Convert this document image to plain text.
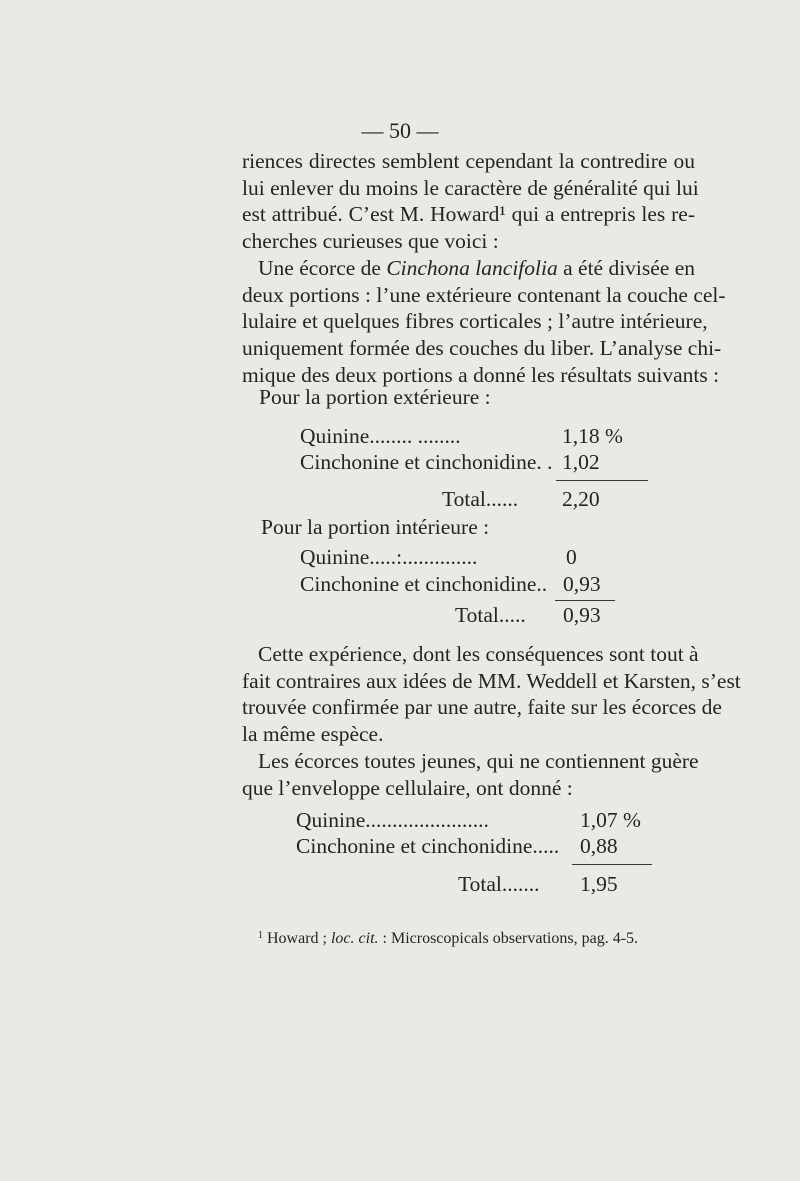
— 50 —
riences directes semblent cependant la contredire ou
lui enlever du moins le caractère de généralité qui lui
est attribué. C’est M. Howard¹ qui a entrepris les re-
cherches curieuses que voici :
Une écorce de Cinchona lancifolia a été divisée en
deux portions : l’une extérieure contenant la couche cel-
lulaire et quelques fibres corticales ; l’autre intérieure,
uniquement formée des couches du liber. L’analyse chi-
mique des deux portions a donné les résultats suivants :
Pour la portion extérieure :
Quinine........ ........	1,18 %
Cinchonine et cinchonidine. . 1,02
Total...... 2,20
Pour la portion intérieure :
Quinine.....:..............	0
Cinchonine et cinchonidine.. 0,93
Total..... 0,93
Cette expérience, dont les conséquences sont tout à
fait contraires aux idées de MM. Weddell et Karsten, s’est
trouvée confirmée par une autre, faite sur les écorces de
la même espèce.
Les écorces toutes jeunes, qui ne contiennent guère
que l’enveloppe cellulaire, ont donné :
Quinine.......................	1,07 %
Cinchonine et cinchonidine..... 0,88
Total....... 1,95
$^1$ Howard ; loc. cit. : Microscopicals observations, pag. 4-5.
